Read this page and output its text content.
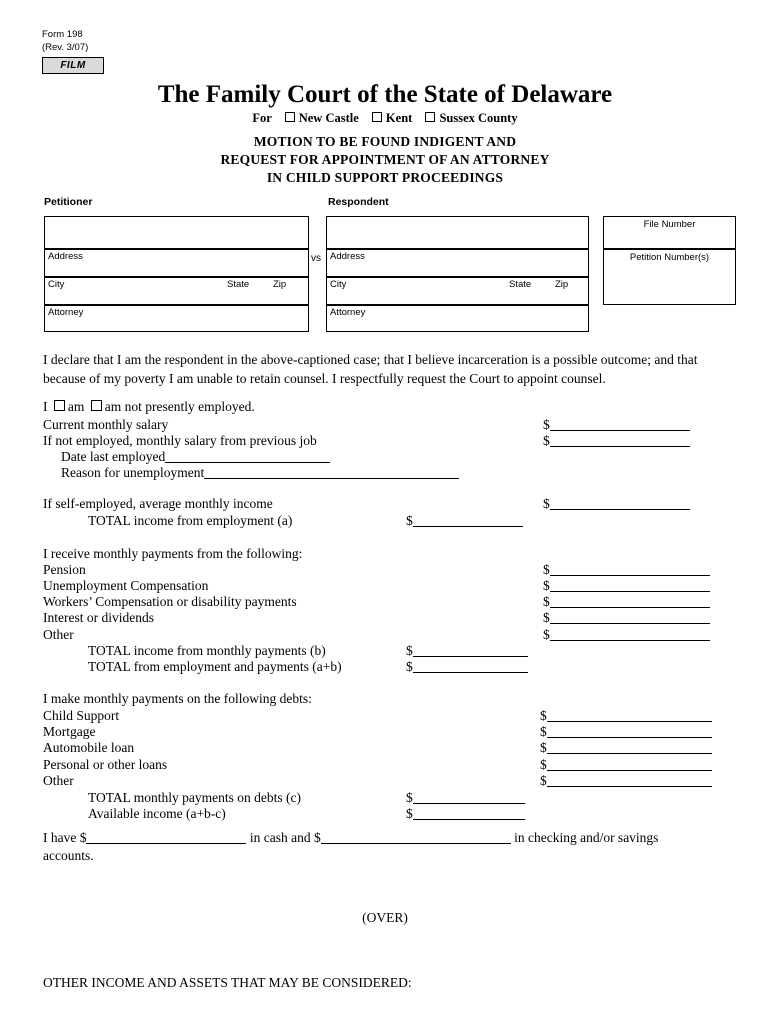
Form 198
(Rev. 3/07)
FILM
The Family Court of the State of Delaware
For New Castle Kent Sussex County
MOTION TO BE FOUND INDIGENT AND
REQUEST FOR APPOINTMENT OF AN ATTORNEY
IN CHILD SUPPORT PROCEEDINGS
Petitioner	Respondent
Address
City	State	Zip
Attorney
vs Address
City	State	Zip
Attorney
File Number
Petition Number(s)
I declare that I am the respondent in the above-captioned case; that I believe incarceration is a possible outcome; and that because of my poverty I am unable to retain counsel. I respectfully request the Court to appoint counsel.
I am am not presently employed.
Current monthly salary	$
If not employed, monthly salary from previous job	$
Date last employed
Reason for unemployment
If self-employed, average monthly income	$
TOTAL income from employment (a)	$
I receive monthly payments from the following:
Pension	$
Unemployment Compensation	$
Workers’ Compensation or disability payments	$
Interest or dividends	$
Other	$
TOTAL income from monthly payments (b)	$
TOTAL from employment and payments (a+b)	$
I make monthly payments on the following debts:
Child Support	$
Mortgage	$
Automobile loan	$
Personal or other loans	$
Other	$
TOTAL monthly payments on debts (c)	$
Available income (a+b-c)	$
I have $	in cash and $	in checking and/or savings
accounts.
(OVER)
OTHER INCOME AND ASSETS THAT MAY BE CONSIDERED:
